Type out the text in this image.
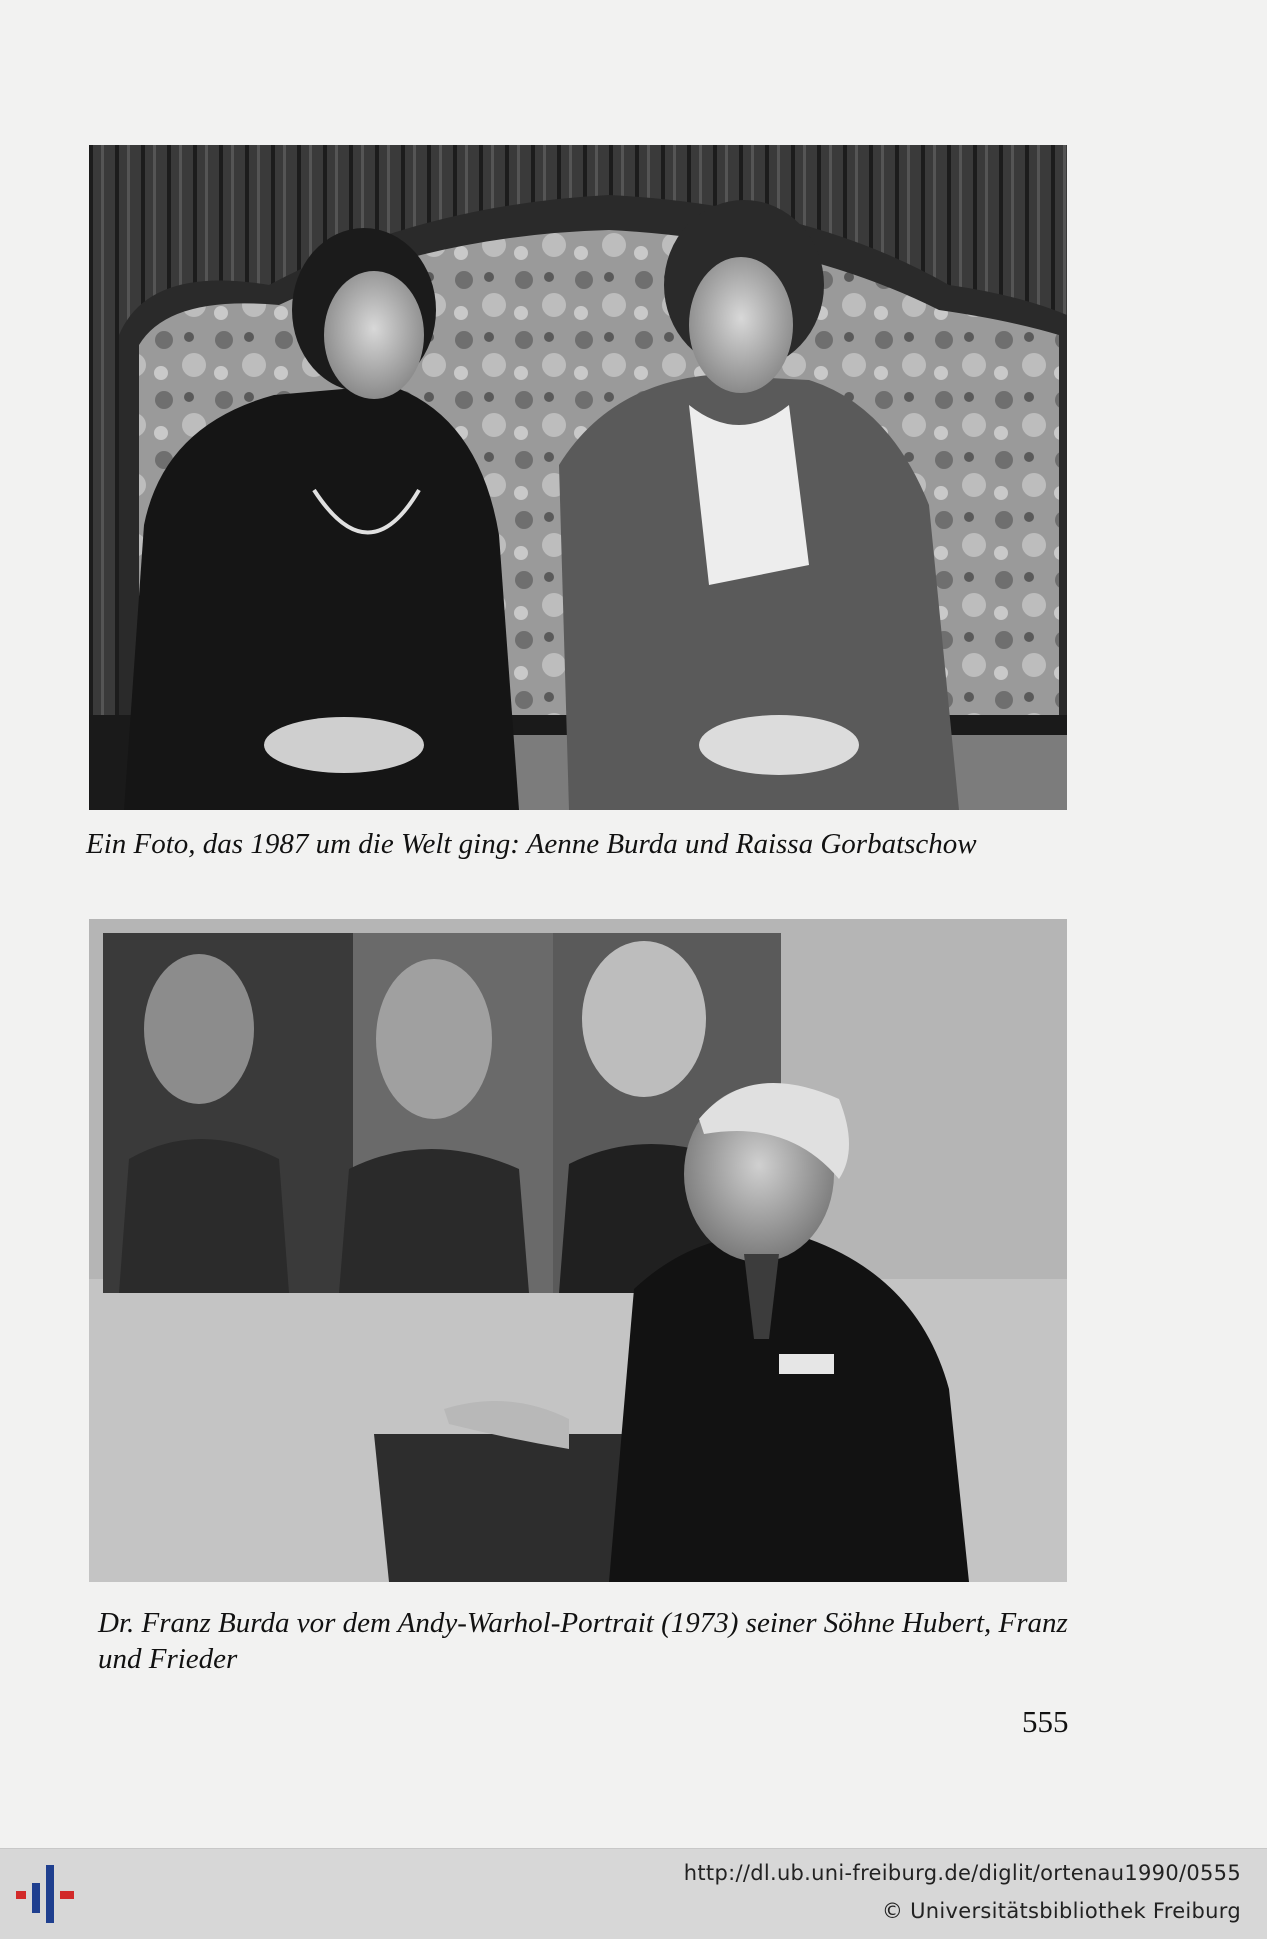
Ein Foto, das 1987 um die Welt ging: Aenne Burda und Raissa Gorbatschow
Dr. Franz Burda vor dem Andy-Warhol-Portrait (1973) seiner Söhne Hubert, Franz und Frieder
555
http://dl.ub.uni-freiburg.de/diglit/ortenau1990/0555
© Universitätsbibliothek Freiburg
